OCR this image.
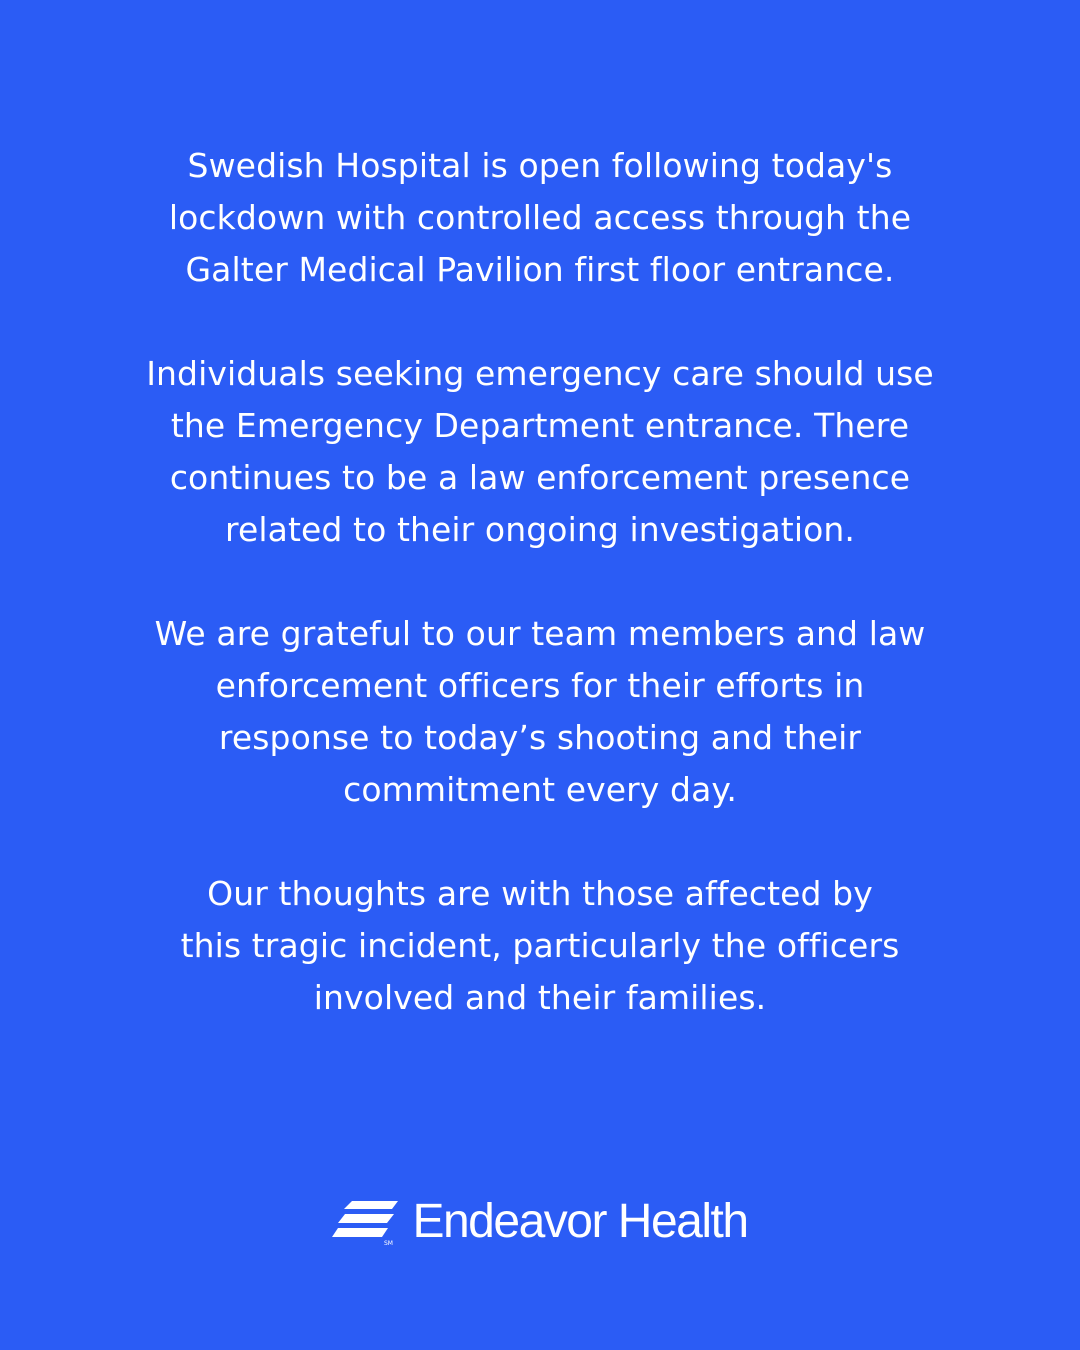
Swedish Hospital is open following today's
lockdown with controlled access through the
Galter Medical Pavilion first floor entrance.

Individuals seeking emergency care should use
the Emergency Department entrance. There
continues to be a law enforcement presence
related to their ongoing investigation.

We are grateful to our team members and law
enforcement officers for their efforts in
response to today’s shooting and their
commitment every day.

Our thoughts are with those affected by
this tragic incident, particularly the officers
involved and their families.

SM Endeavor Health
